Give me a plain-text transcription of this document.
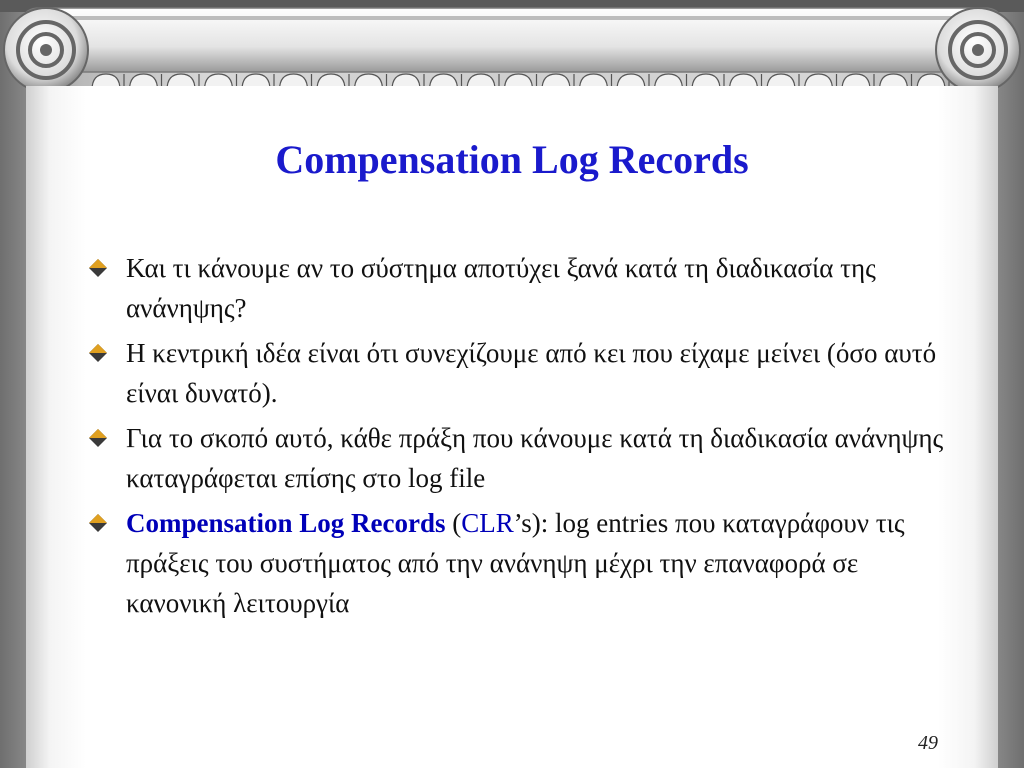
Compensation Log Records
Και τι κάνουμε αν το σύστημα αποτύχει ξανά κατά τη διαδικασία της ανάνηψης?
Η κεντρική ιδέα είναι ότι συνεχίζουμε από κει που είχαμε μείνει (όσο αυτό είναι δυνατό).
Για το σκοπό αυτό, κάθε πράξη που κάνουμε κατά τη διαδικασία ανάνηψης καταγράφεται επίσης στο log file
Compensation Log Records (CLR’s): log entries που καταγράφουν τις πράξεις του συστήματος από την ανάνηψη μέχρι την επαναφορά σε κανονική λειτουργία
49
